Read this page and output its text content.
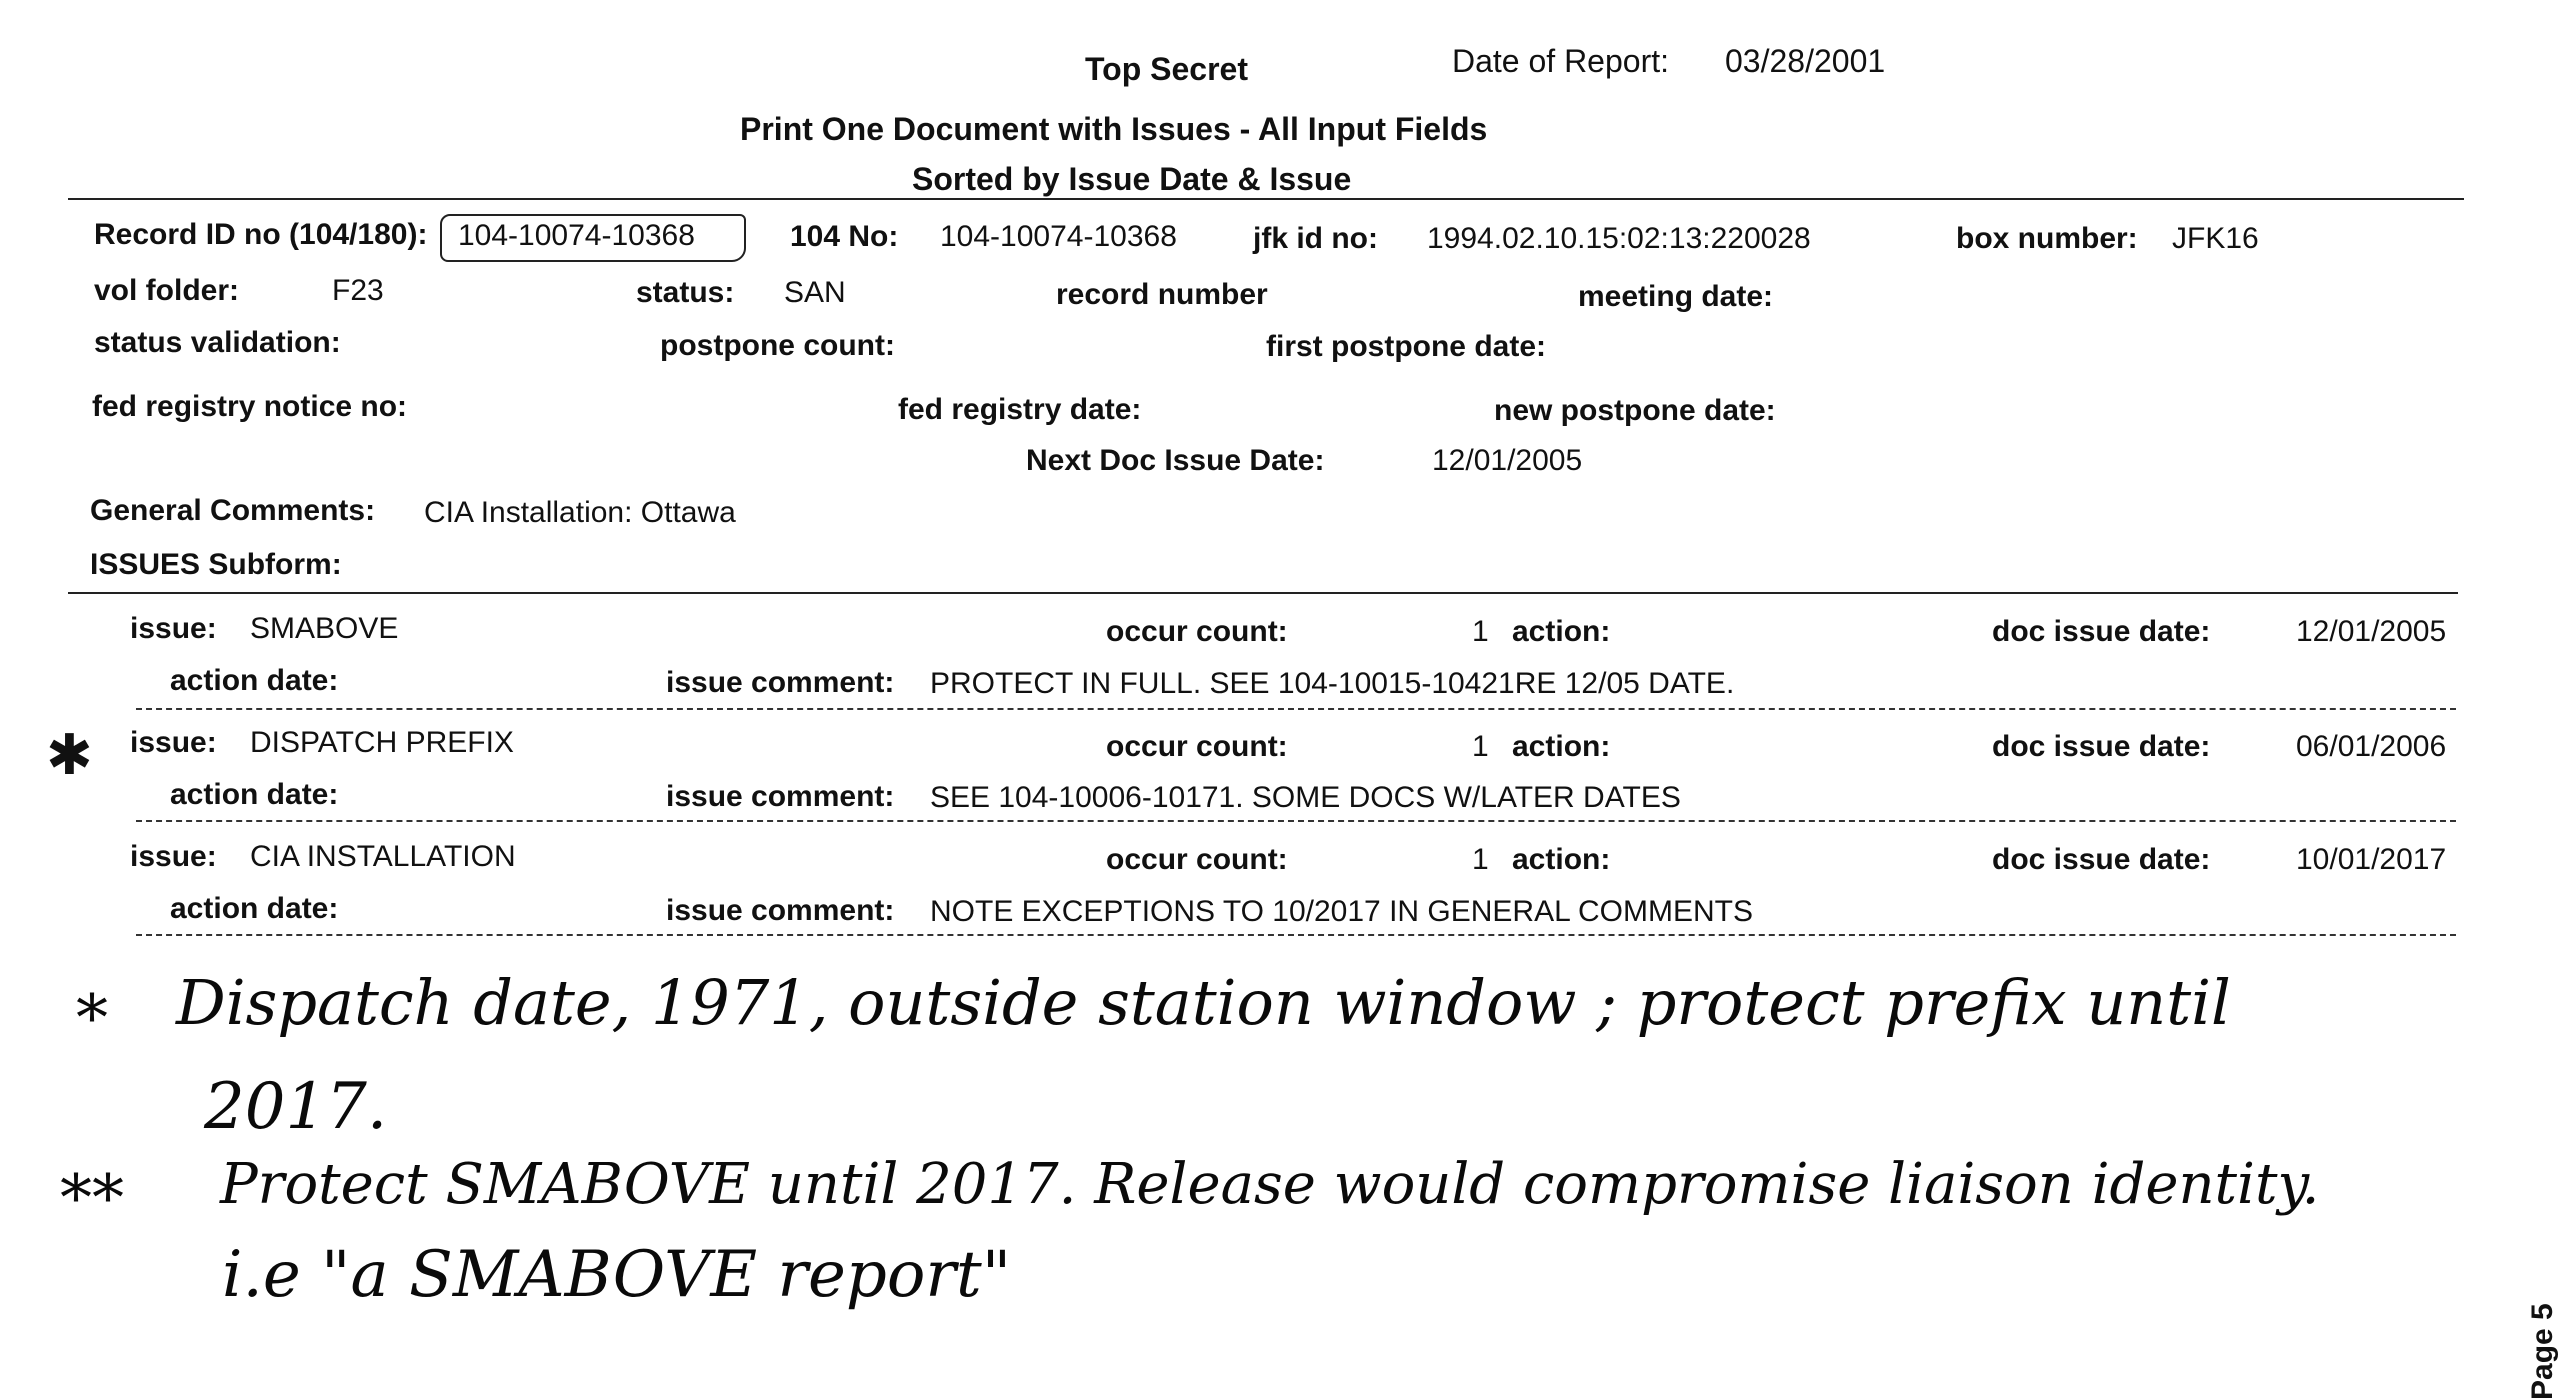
Top Secret	Date of Report: 03/28/2001
Print One Document with Issues - All Input Fields
Sorted by Issue Date & Issue
Record ID no (104/180): 104-10074-10368	104 No: 104-10074-10368	jfk id no: 1994.02.10.15:02:13:220028	box number: JFK16
vol folder:	F23	status: SAN	record number	meeting date:
status validation:	postpone count:	first postpone date:
fed registry notice no:	fed registry date:	new postpone date:
Next Doc Issue Date:	12/01/2005
General Comments: CIA Installation: Ottawa
ISSUES Subform:
✱
issue: SMABOVE	occur count:	1 action:	doc issue date:	12/01/2005
action date:	issue comment: PROTECT IN FULL. SEE 104-10015-10421RE 12/05 DATE.
issue: DISPATCH PREFIX	occur count:	1 action:	doc issue date:	06/01/2006
action date:	issue comment: SEE 104-10006-10171. SOME DOCS W/LATER DATES
issue: CIA INSTALLATION	occur count:	1 action:	doc issue date:	10/01/2017
action date:	issue comment: NOTE EXCEPTIONS TO 10/2017 IN GENERAL COMMENTS
* Dispatch date, 1971, outside station window ; protect prefix until
2017.
** Protect SMABOVE until 2017. Release would compromise liaison identity.
i.e "a SMABOVE report"
Page 5
